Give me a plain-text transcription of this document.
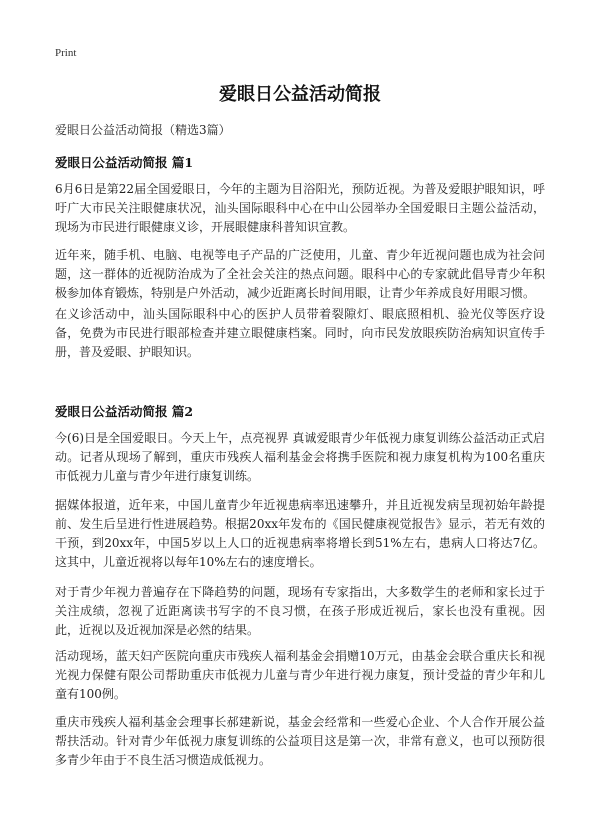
Print
爱眼日公益活动简报
爱眼日公益活动简报（精选3篇）
爱眼日公益活动简报 篇1

6月6日是第22届全国爱眼日，今年的主题为目浴阳光，预防近视。为普及爱眼护眼知识，呼吁广大市民关注眼健康状况，汕头国际眼科中心在中山公园举办全国爱眼日主题公益活动，现场为市民进行眼健康义诊，开展眼健康科普知识宣教。

近年来，随手机、电脑、电视等电子产品的广泛使用，儿童、青少年近视问题也成为社会问题，这一群体的近视防治成为了全社会关注的热点问题。眼科中心的专家就此倡导青少年积极参加体育锻炼，特别是户外活动，减少近距离长时间用眼，让青少年养成良好用眼习惯。

在义诊活动中，汕头国际眼科中心的医护人员带着裂隙灯、眼底照相机、验光仪等医疗设备，免费为市民进行眼部检查并建立眼健康档案。同时，向市民发放眼疾防治病知识宣传手册，普及爱眼、护眼知识。

爱眼日公益活动简报 篇2

今(6)日是全国爱眼日。今天上午，点亮视界 真诚爱眼青少年低视力康复训练公益活动正式启动。记者从现场了解到，重庆市残疾人福利基金会将携手医院和视力康复机构为100名重庆市低视力儿童与青少年进行康复训练。

据媒体报道，近年来，中国儿童青少年近视患病率迅速攀升，并且近视发病呈现初始年龄提前、发生后呈进行性进展趋势。根据20xx年发布的《国民健康视觉报告》显示，若无有效的干预，到20xx年，中国5岁以上人口的近视患病率将增长到51%左右，患病人口将达7亿。这其中，儿童近视将以每年10%左右的速度增长。

对于青少年视力普遍存在下降趋势的问题，现场有专家指出，大多数学生的老师和家长过于关注成绩，忽视了近距离读书写字的不良习惯，在孩子形成近视后，家长也没有重视。因此，近视以及近视加深是必然的结果。

活动现场，蓝天妇产医院向重庆市残疾人福利基金会捐赠10万元，由基金会联合重庆长和视光视力保健有限公司帮助重庆市低视力儿童与青少年进行视力康复，预计受益的青少年和儿童有100例。

重庆市残疾人福利基金会理事长郝建新说，基金会经常和一些爱心企业、个人合作开展公益帮扶活动。针对青少年低视力康复训练的公益项目这是第一次，非常有意义，也可以预防很多青少年由于不良生活习惯造成低视力。
